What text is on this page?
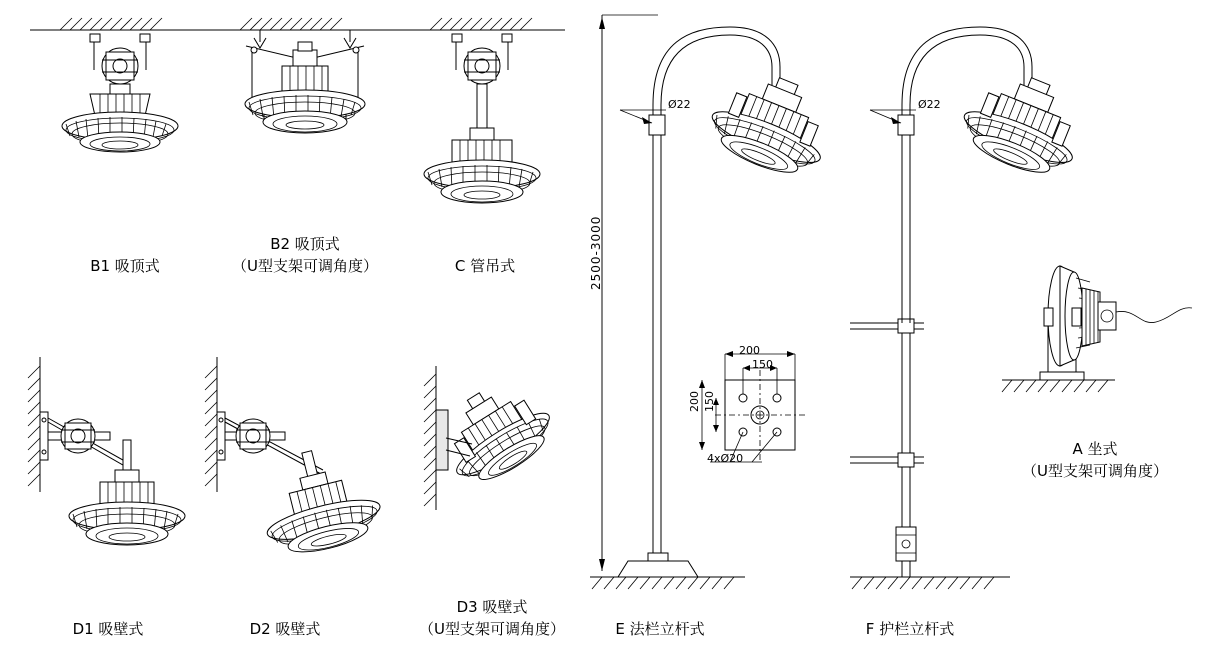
B1 吸顶式
B2 吸顶式
（U型支架可调角度）	C 管吊式
D1 吸壁式	D2 吸壁式
D3 吸壁式
（U型支架可调角度）
2500-3000
Ø22
E 法栏立杆式
200
150
200 150
4xØ20
Ø22
F 护栏立杆式
A 坐式
（U型支架可调角度）
